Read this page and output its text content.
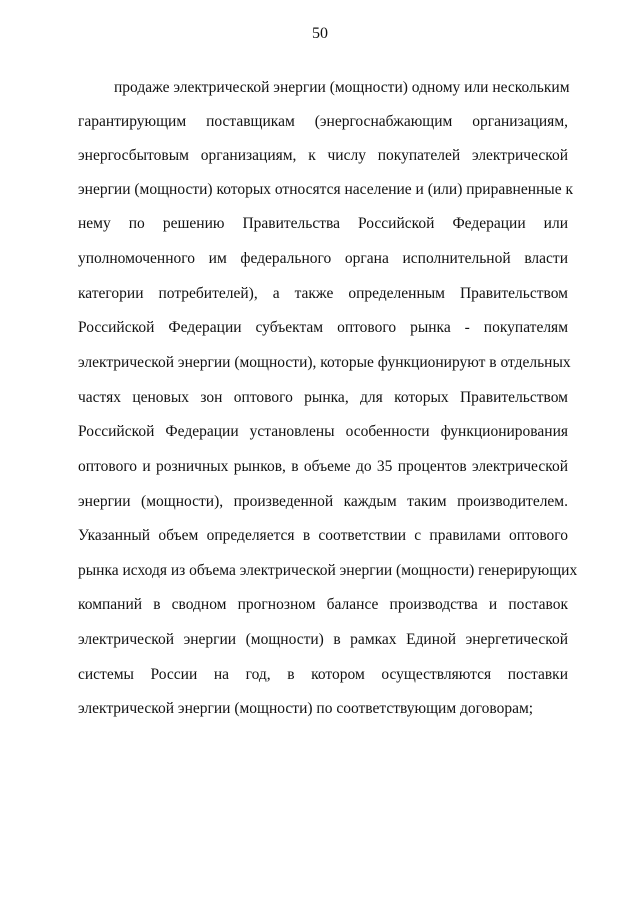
50
продаже электрической энергии (мощности) одному или нескольким
гарантирующим поставщикам (энергоснабжающим организациям,
энергосбытовым организациям, к числу покупателей электрической
энергии (мощности) которых относятся население и (или) приравненные к
нему по решению Правительства Российской Федерации или
уполномоченного им федерального органа исполнительной власти
категории потребителей), а также определенным Правительством
Российской Федерации субъектам оптового рынка - покупателям
электрической энергии (мощности), которые функционируют в отдельных
частях ценовых зон оптового рынка, для которых Правительством
Российской Федерации установлены особенности функционирования
оптового и розничных рынков, в объеме до 35 процентов электрической
энергии (мощности), произведенной каждым таким производителем.
Указанный объем определяется в соответствии с правилами оптового
рынка исходя из объема электрической энергии (мощности) генерирующих
компаний в сводном прогнозном балансе производства и поставок
электрической энергии (мощности) в рамках Единой энергетической
системы России на год, в котором осуществляются поставки
электрической энергии (мощности) по соответствующим договорам;
